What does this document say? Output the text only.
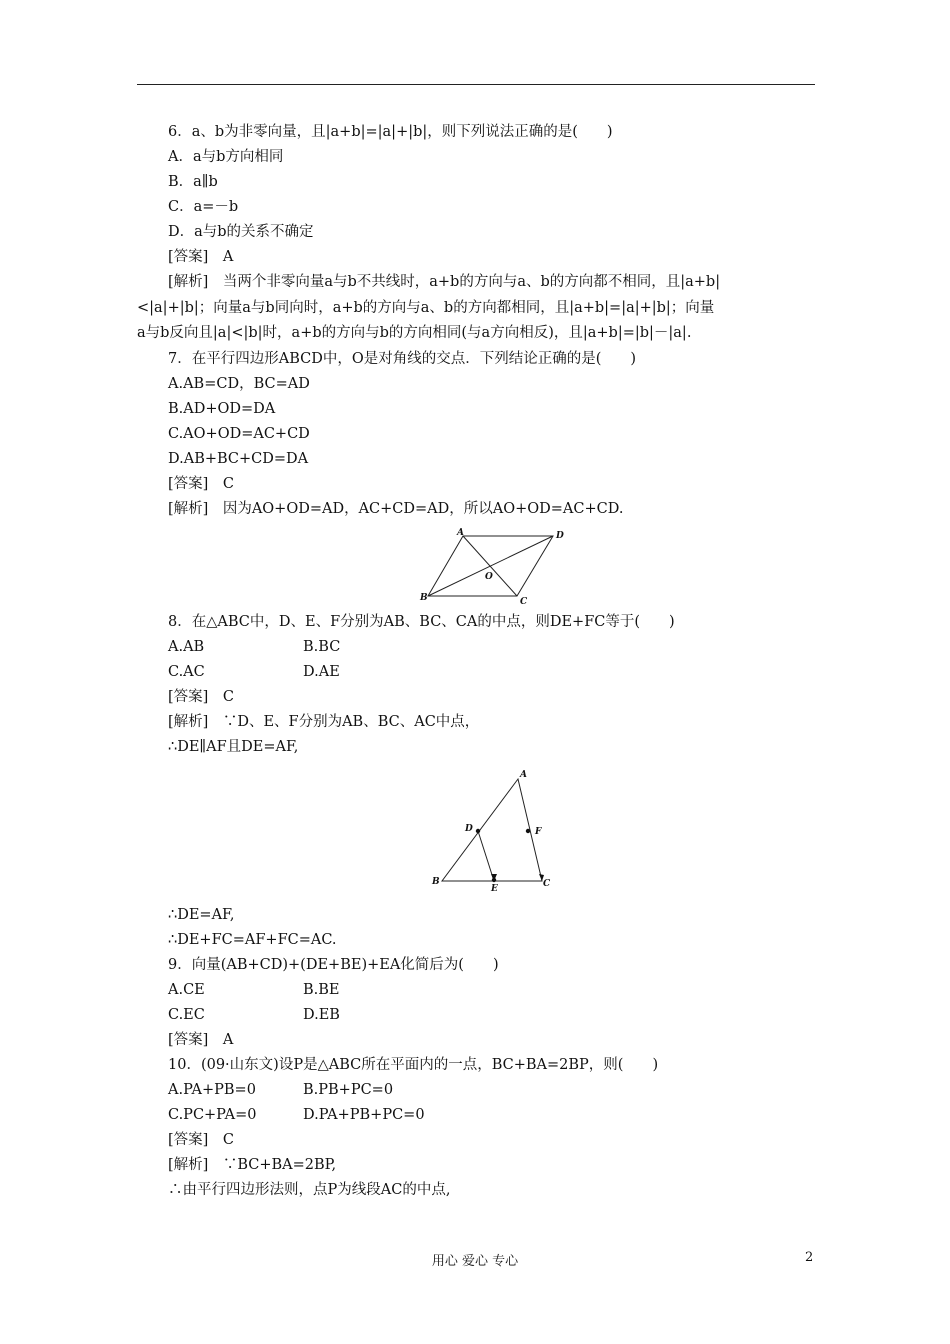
6．a、b为非零向量，且|a+b|=|a|+|b|，则下列说法正确的是(　　)
A．a与b方向相同
B．a∥b
C．a=－b
D．a与b的关系不确定
[答案]　A
[解析]　当两个非零向量a与b不共线时，a+b的方向与a、b的方向都不相同，且|a+b|
<|a|+|b|；向量a与b同向时，a+b的方向与a、b的方向都相同，且|a+b|=|a|+|b|；向量
a与b反向且|a|<|b|时，a+b的方向与b的方向相同(与a方向相反)，且|a+b|=|b|－|a|.
7．在平行四边形ABCD中，O是对角线的交点．下列结论正确的是(　　)
A.AB=CD，BC=AD
B.AD+OD=DA
C.AO+OD=AC+CD
D.AB+BC+CD=DA
[答案]　C
[解析]　因为AO+OD=AD，AC+CD=AD，所以AO+OD=AC+CD.
A	D
B	C
O
8．在△ABC中，D、E、F分别为AB、BC、CA的中点，则DE+FC等于(　　)
A.AB	B.BC
C.AC	D.AE
[答案]　C
[解析]　∵D、E、F分别为AB、BC、AC中点，
∴DE∥AF且DE=AF,
A
B	C
D
E
F
∴DE=AF,
∴DE+FC=AF+FC=AC.
9．向量(AB+CD)+(DE+BE)+EA化简后为(　　)
A.CE	B.BE
C.EC	D.EB
[答案]　A
10．(09·山东文)设P是△ABC所在平面内的一点，BC+BA=2BP，则(　　)
A.PA+PB=0	B.PB+PC=0
C.PC+PA=0	D.PA+PB+PC=0
[答案]　C
[解析]　∵BC+BA=2BP,
∴由平行四边形法则，点P为线段AC的中点,
用心 爱心 专心	2
